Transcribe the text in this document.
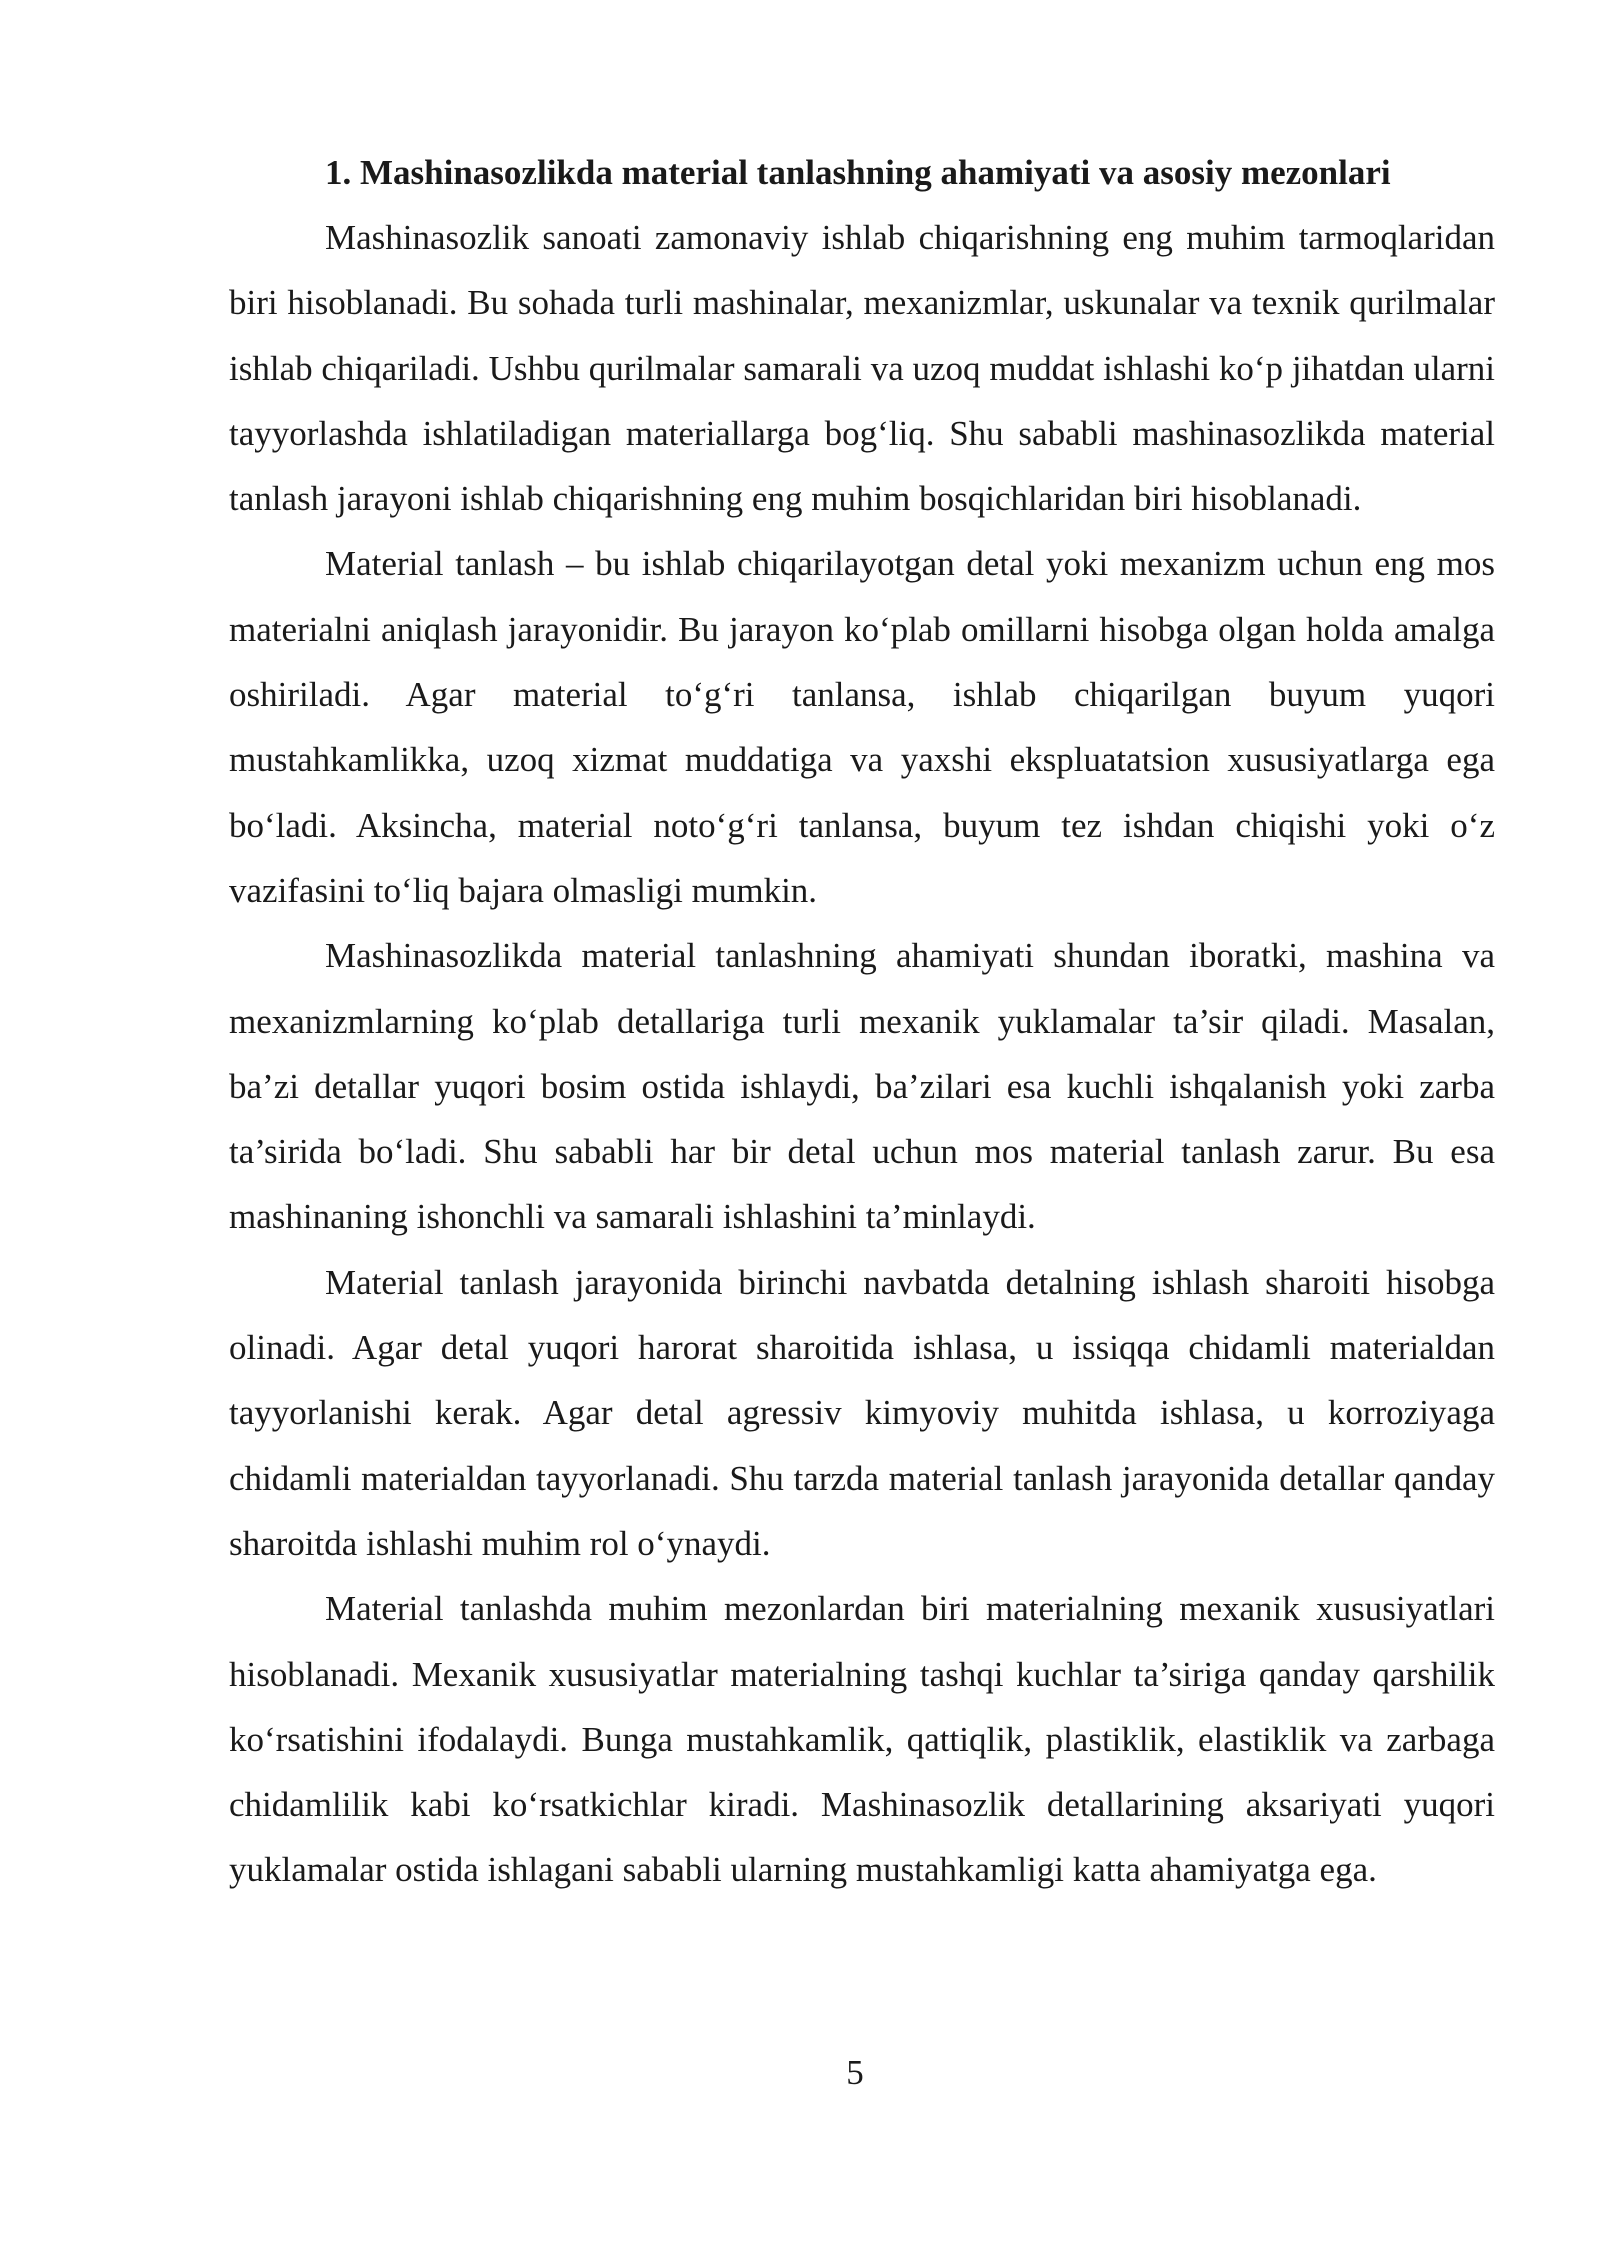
1. Mashinasozlikda material tanlashning ahamiyati va asosiy mezonlari

Mashinasozlik sanoati zamonaviy ishlab chiqarishning eng muhim tarmoqlaridan biri hisoblanadi. Bu sohada turli mashinalar, mexanizmlar, uskunalar va texnik qurilmalar ishlab chiqariladi. Ushbu qurilmalar samarali va uzoq muddat ishlashi koʻp jihatdan ularni tayyorlashda ishlatiladigan materiallarga bogʻliq. Shu sababli mashinasozlikda material tanlash jarayoni ishlab chiqarishning eng muhim bosqichlaridan biri hisoblanadi.

Material tanlash – bu ishlab chiqarilayotgan detal yoki mexanizm uchun eng mos materialni aniqlash jarayonidir. Bu jarayon koʻplab omillarni hisobga olgan holda amalga oshiriladi. Agar material toʻgʻri tanlansa, ishlab chiqarilgan buyum yuqori mustahkamlikka, uzoq xizmat muddatiga va yaxshi ekspluatatsion xususiyatlarga ega boʻladi. Aksincha, material notoʻgʻri tanlansa, buyum tez ishdan chiqishi yoki oʻz vazifasini toʻliq bajara olmasligi mumkin.

Mashinasozlikda material tanlashning ahamiyati shundan iboratki, mashina va mexanizmlarning koʻplab detallariga turli mexanik yuklamalar ta’sir qiladi. Masalan, ba’zi detallar yuqori bosim ostida ishlaydi, ba’zilari esa kuchli ishqalanish yoki zarba ta’sirida boʻladi. Shu sababli har bir detal uchun mos material tanlash zarur. Bu esa mashinaning ishonchli va samarali ishlashini ta’minlaydi.

Material tanlash jarayonida birinchi navbatda detalning ishlash sharoiti hisobga olinadi. Agar detal yuqori harorat sharoitida ishlasa, u issiqqa chidamli materialdan tayyorlanishi kerak. Agar detal agressiv kimyoviy muhitda ishlasa, u korroziyaga chidamli materialdan tayyorlanadi. Shu tarzda material tanlash jarayonida detallar qanday sharoitda ishlashi muhim rol oʻynaydi.

Material tanlashda muhim mezonlardan biri materialning mexanik xususiyatlari hisoblanadi. Mexanik xususiyatlar materialning tashqi kuchlar ta’siriga qanday qarshilik koʻrsatishini ifodalaydi. Bunga mustahkamlik, qattiqlik, plastiklik, elastiklik va zarbaga chidamlilik kabi koʻrsatkichlar kiradi. Mashinasozlik detallarining aksariyati yuqori yuklamalar ostida ishlagani sababli ularning mustahkamligi katta ahamiyatga ega.

5
